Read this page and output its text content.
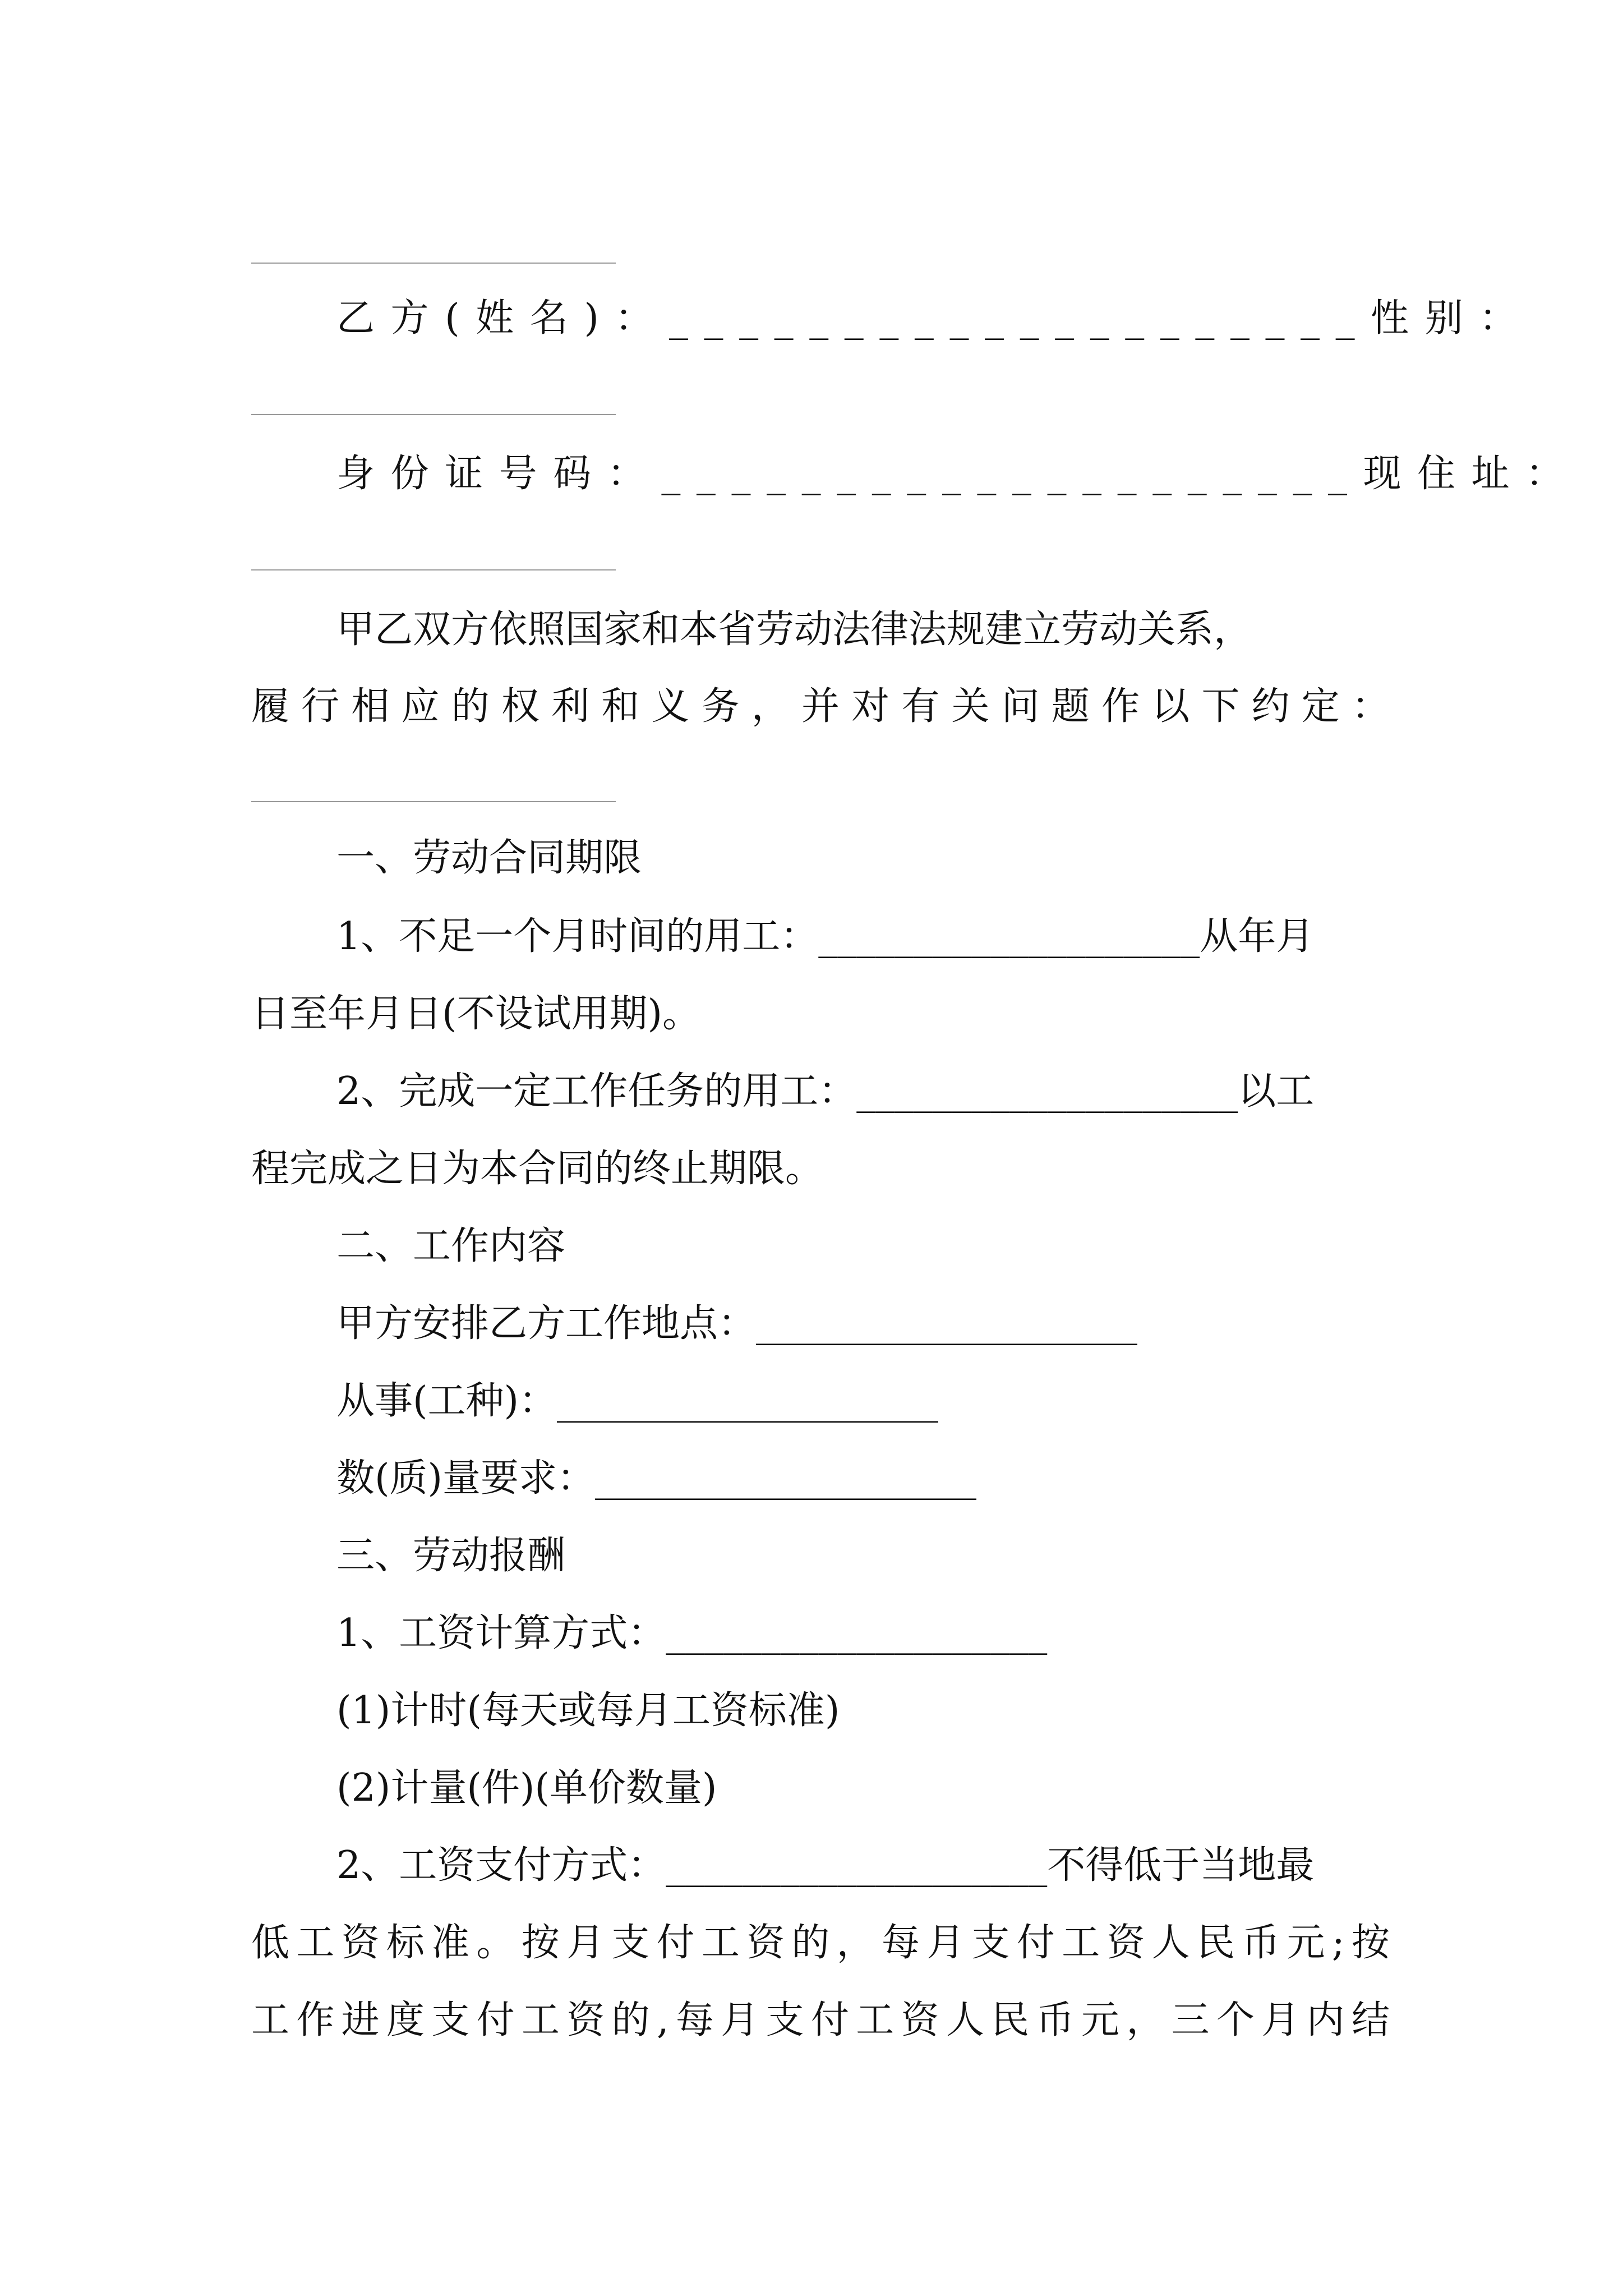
乙方(姓名)：____________________性别：
身份证号码：____________________现住址：
甲乙双方依照国家和本省劳动法律法规建立劳动关系，
履行相应的权利和义务，并对有关问题作以下约定：
一、劳动合同期限
1、不足一个月时间的用工：____________________从年月
日至年月日(不设试用期)。
2、完成一定工作任务的用工：____________________以工
程完成之日为本合同的终止期限。
二、工作内容
甲方安排乙方工作地点：____________________
从事(工种)：____________________
数(质)量要求：____________________
三、劳动报酬
1、工资计算方式：____________________
(1)计时(每天或每月工资标准)
(2)计量(件)(单价数量)
2、工资支付方式：____________________不得低于当地最
低工资标准。按月支付工资的，每月支付工资人民币元;按
工作进度支付工资的,每月支付工资人民币元，三个月内结
